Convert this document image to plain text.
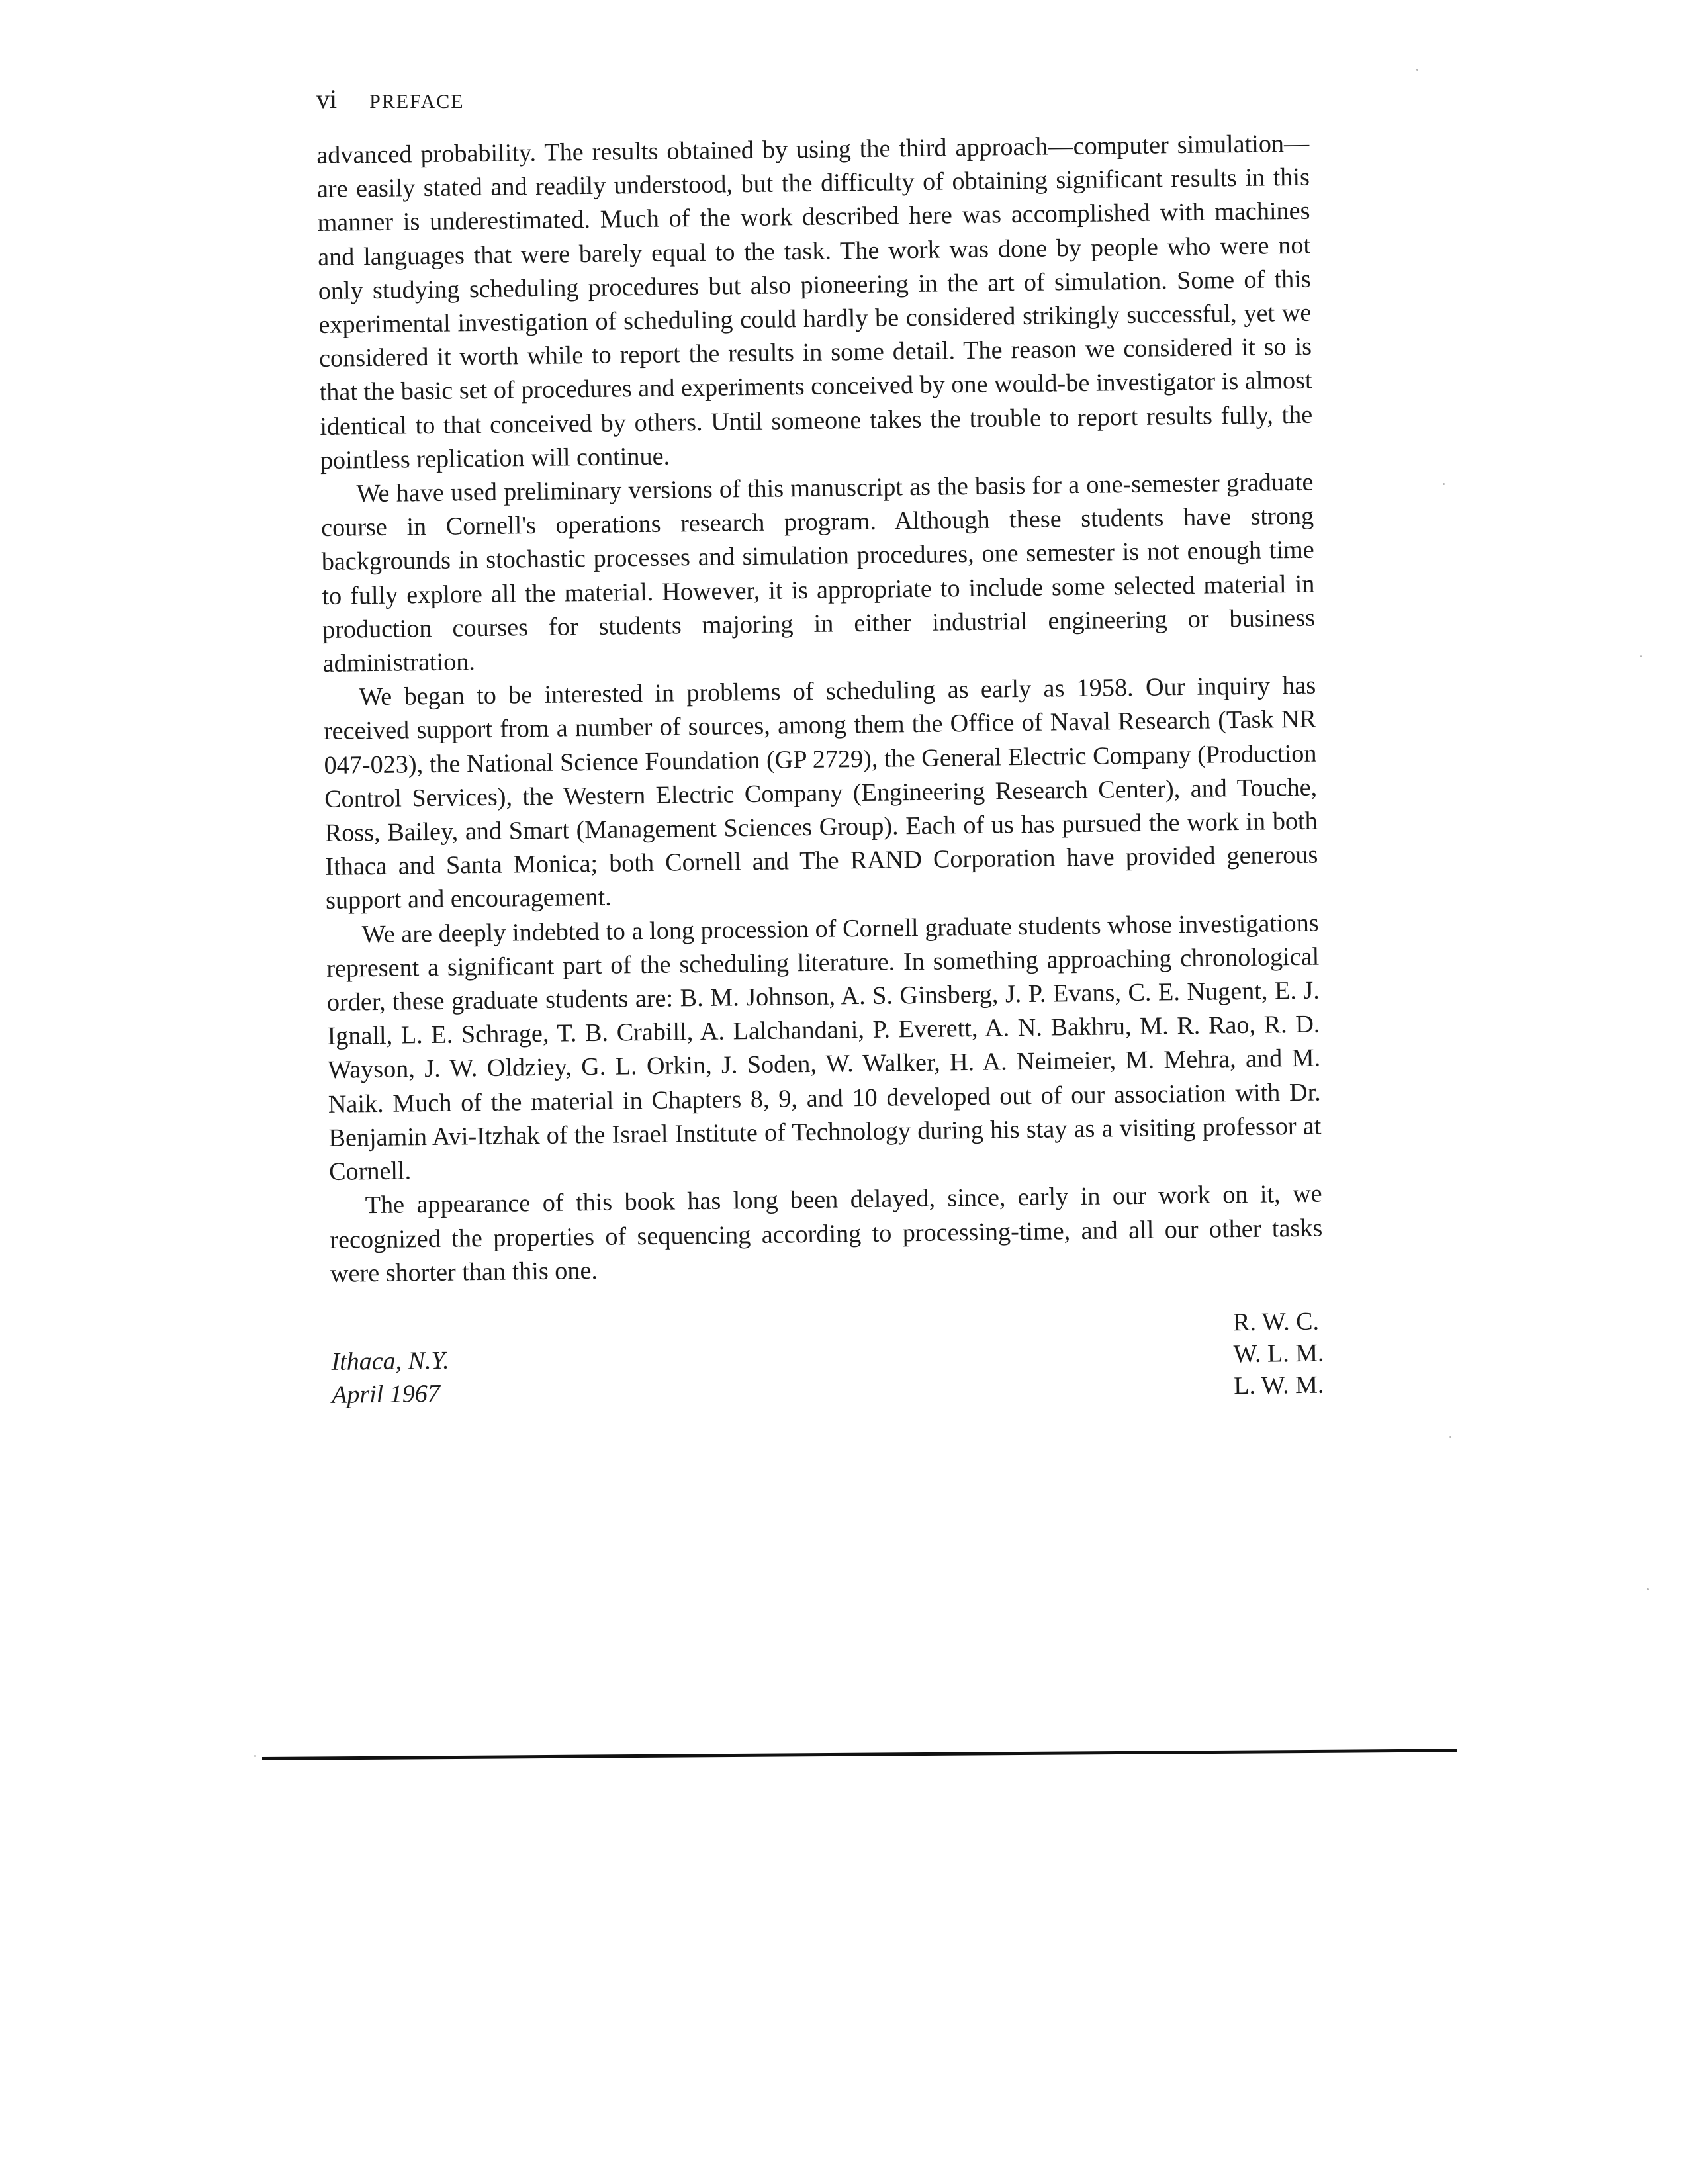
vi PREFACE

advanced probability. The results obtained by using the third approach—computer simulation—are easily stated and readily understood, but the difficulty of obtaining significant results in this manner is underestimated. Much of the work described here was accomplished with machines and languages that were barely equal to the task. The work was done by people who were not only studying scheduling procedures but also pioneering in the art of simulation. Some of this experimental investigation of scheduling could hardly be considered strikingly successful, yet we considered it worth while to report the results in some detail. The reason we considered it so is that the basic set of procedures and experiments conceived by one would-be investigator is almost identical to that conceived by others. Until someone takes the trouble to report results fully, the pointless replication will continue.

We have used preliminary versions of this manuscript as the basis for a one-semester graduate course in Cornell's operations research program. Although these students have strong backgrounds in stochastic processes and simulation procedures, one semester is not enough time to fully explore all the material. However, it is appropriate to include some selected material in production courses for students majoring in either industrial engineering or business administration.

We began to be interested in problems of scheduling as early as 1958. Our inquiry has received support from a number of sources, among them the Office of Naval Research (Task NR 047-023), the National Science Foundation (GP 2729), the General Electric Company (Production Control Services), the Western Electric Company (Engineering Research Center), and Touche, Ross, Bailey, and Smart (Management Sciences Group). Each of us has pursued the work in both Ithaca and Santa Monica; both Cornell and The RAND Corporation have provided generous support and encouragement.

We are deeply indebted to a long procession of Cornell graduate students whose investigations represent a significant part of the scheduling literature. In something approaching chronological order, these graduate students are: B. M. Johnson, A. S. Ginsberg, J. P. Evans, C. E. Nugent, E. J. Ignall, L. E. Schrage, T. B. Crabill, A. Lalchandani, P. Everett, A. N. Bakhru, M. R. Rao, R. D. Wayson, J. W. Oldziey, G. L. Orkin, J. Soden, W. Walker, H. A. Neimeier, M. Mehra, and M. Naik. Much of the material in Chapters 8, 9, and 10 developed out of our association with Dr. Benjamin Avi-Itzhak of the Israel Institute of Technology during his stay as a visiting professor at Cornell.

The appearance of this book has long been delayed, since, early in our work on it, we recognized the properties of sequencing according to processing-time, and all our other tasks were shorter than this one.

Ithaca, N.Y.
April 1967
R. W. C.
W. L. M.
L. W. M.
